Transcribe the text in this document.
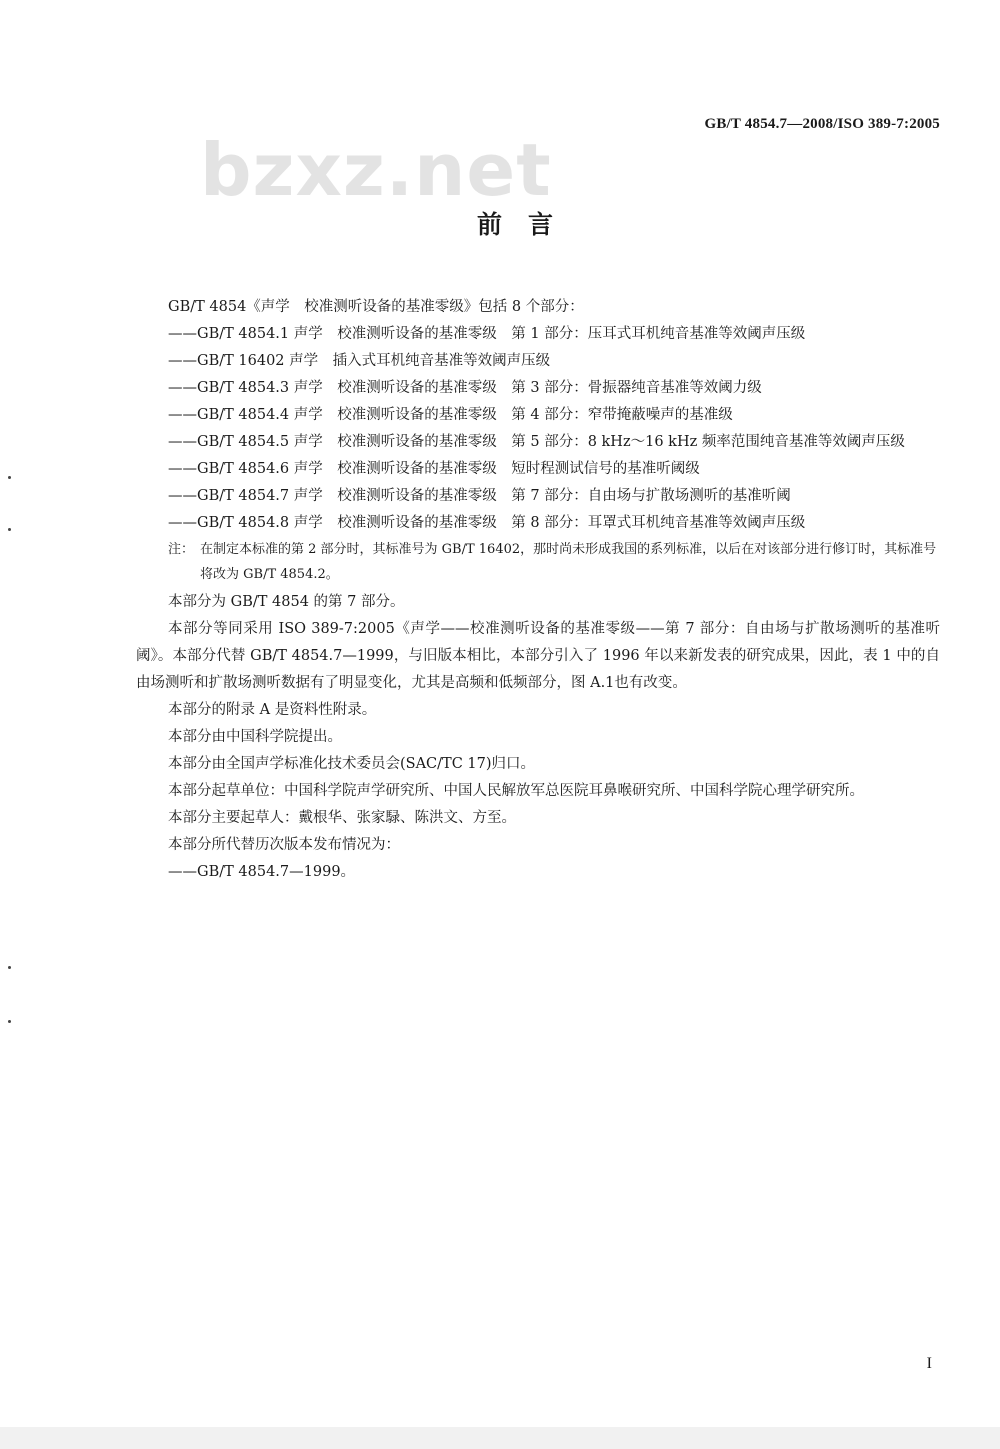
GB/T 4854.7—2008/ISO 389-7:2005
bzxz.net
前言
GB/T 4854《声学　校准测听设备的基准零级》包括 8 个部分：
——GB/T 4854.1 声学　校准测听设备的基准零级　第 1 部分：压耳式耳机纯音基准等效阈声压级
——GB/T 16402 声学　插入式耳机纯音基准等效阈声压级
——GB/T 4854.3 声学　校准测听设备的基准零级　第 3 部分：骨振器纯音基准等效阈力级
——GB/T 4854.4 声学　校准测听设备的基准零级　第 4 部分：窄带掩蔽噪声的基准级
——GB/T 4854.5 声学　校准测听设备的基准零级　第 5 部分：8 kHz～16 kHz 频率范围纯音基准等效阈声压级
——GB/T 4854.6 声学　校准测听设备的基准零级　短时程测试信号的基准听阈级
——GB/T 4854.7 声学　校准测听设备的基准零级　第 7 部分：自由场与扩散场测听的基准听阈
——GB/T 4854.8 声学　校准测听设备的基准零级　第 8 部分：耳罩式耳机纯音基准等效阈声压级
注： 在制定本标准的第 2 部分时，其标准号为 GB/T 16402，那时尚未形成我国的系列标准，以后在对该部分进行修订时，其标准号将改为 GB/T 4854.2。
本部分为 GB/T 4854 的第 7 部分。
本部分等同采用 ISO 389-7:2005《声学——校准测听设备的基准零级——第 7 部分：自由场与扩散场测听的基准听阈》。本部分代替 GB/T 4854.7—1999，与旧版本相比，本部分引入了 1996 年以来新发表的研究成果，因此，表 1 中的自由场测听和扩散场测听数据有了明显变化，尤其是高频和低频部分，图 A.1也有改变。
本部分的附录 A 是资料性附录。
本部分由中国科学院提出。
本部分由全国声学标准化技术委员会(SAC/TC 17)归口。
本部分起草单位：中国科学院声学研究所、中国人民解放军总医院耳鼻喉研究所、中国科学院心理学研究所。
本部分主要起草人：戴根华、张家騄、陈洪文、方至。
本部分所代替历次版本发布情况为：
——GB/T 4854.7—1999。
I
